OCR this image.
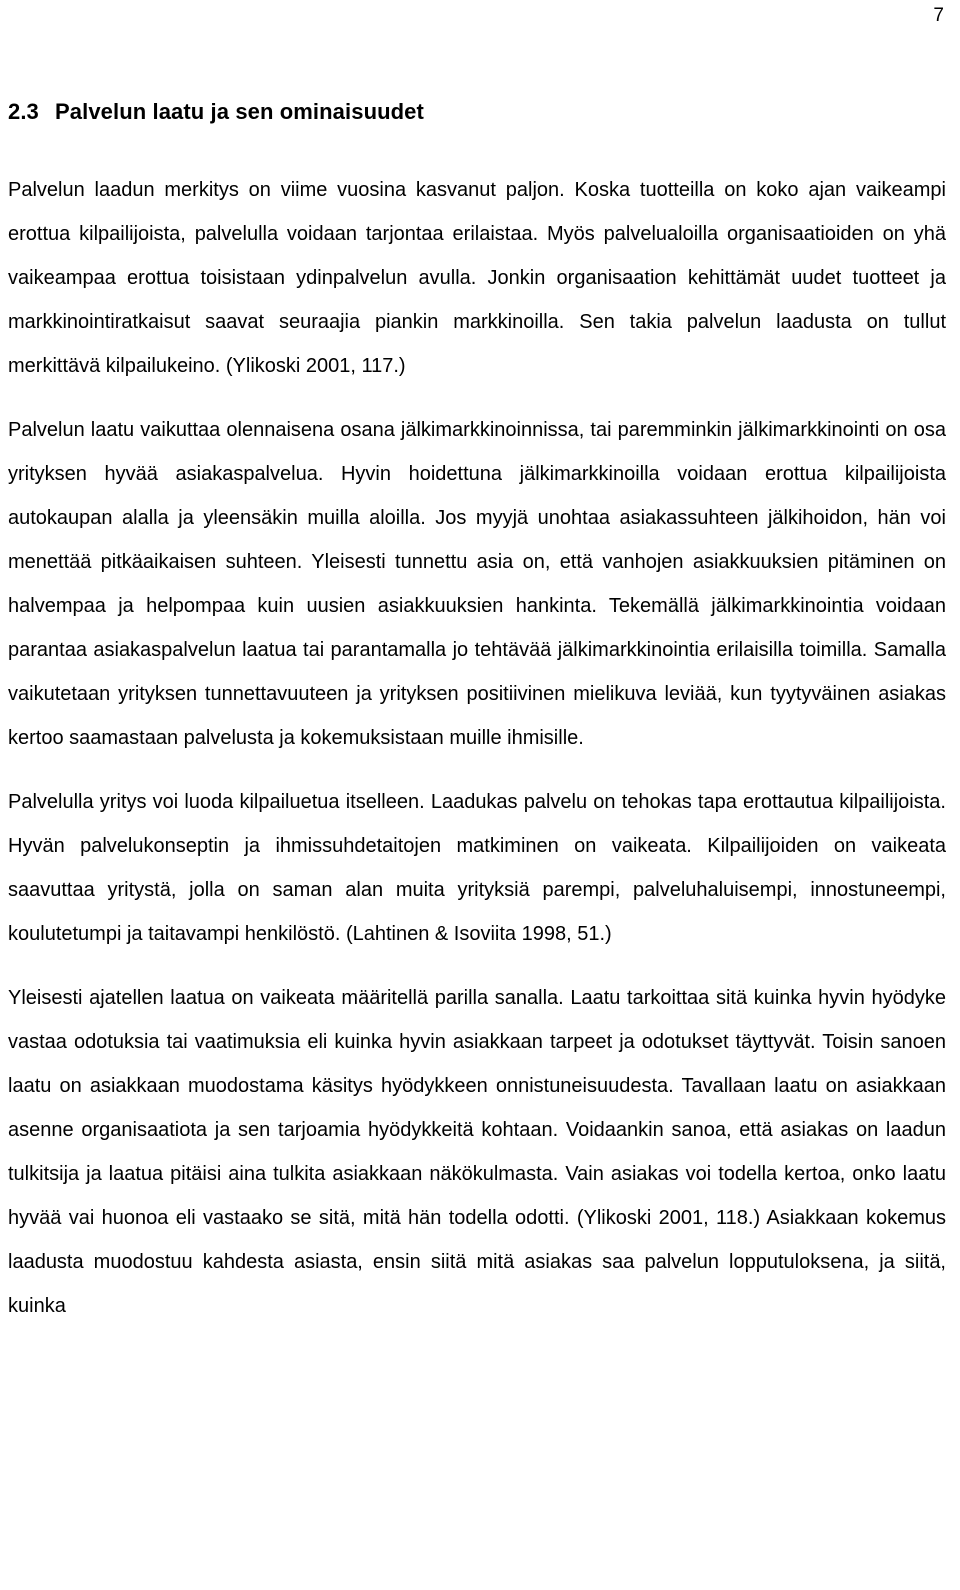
7
2.3 Palvelun laatu ja sen ominaisuudet

Palvelun laadun merkitys on viime vuosina kasvanut paljon. Koska tuotteilla on koko ajan vaikeampi erottua kilpailijoista, palvelulla voidaan tarjontaa erilaistaa. Myös palvelualoilla organisaatioiden on yhä vaikeampaa erottua toisistaan ydinpalvelun avulla. Jonkin organisaation kehittämät uudet tuotteet ja markkinointiratkaisut saavat seuraajia piankin markkinoilla. Sen takia palvelun laadusta on tullut merkittävä kilpailukeino. (Ylikoski 2001, 117.)

Palvelun laatu vaikuttaa olennaisena osana jälkimarkkinoinnissa, tai paremminkin jälkimarkkinointi on osa yrityksen hyvää asiakaspalvelua. Hyvin hoidettuna jälkimarkkinoilla voidaan erottua kilpailijoista autokaupan alalla ja yleensäkin muilla aloilla. Jos myyjä unohtaa asiakassuhteen jälkihoidon, hän voi menettää pitkäaikaisen suhteen. Yleisesti tunnettu asia on, että vanhojen asiakkuuksien pitäminen on halvempaa ja helpompaa kuin uusien asiakkuuksien hankinta. Tekemällä jälkimarkkinointia voidaan parantaa asiakaspalvelun laatua tai parantamalla jo tehtävää jälkimarkkinointia erilaisilla toimilla. Samalla vaikutetaan yrityksen tunnettavuuteen ja yrityksen positiivinen mielikuva leviää, kun tyytyväinen asiakas kertoo saamastaan palvelusta ja kokemuksistaan muille ihmisille.

Palvelulla yritys voi luoda kilpailuetua itselleen. Laadukas palvelu on tehokas tapa erottautua kilpailijoista. Hyvän palvelukonseptin ja ihmissuhdetaitojen matkiminen on vaikeata. Kilpailijoiden on vaikeata saavuttaa yritystä, jolla on saman alan muita yrityksiä parempi, palveluhaluisempi, innostuneempi, koulutetumpi ja taitavampi henkilöstö. (Lahtinen & Isoviita 1998, 51.)

Yleisesti ajatellen laatua on vaikeata määritellä parilla sanalla. Laatu tarkoittaa sitä kuinka hyvin hyödyke vastaa odotuksia tai vaatimuksia eli kuinka hyvin asiakkaan tarpeet ja odotukset täyttyvät. Toisin sanoen laatu on asiakkaan muodostama käsitys hyödykkeen onnistuneisuudesta. Tavallaan laatu on asiakkaan asenne organisaatiota ja sen tarjoamia hyödykkeitä kohtaan. Voidaankin sanoa, että asiakas on laadun tulkitsija ja laatua pitäisi aina tulkita asiakkaan näkökulmasta. Vain asiakas voi todella kertoa, onko laatu hyvää vai huonoa eli vastaako se sitä, mitä hän todella odotti. (Ylikoski 2001, 118.) Asiakkaan kokemus laadusta muodostuu kahdesta asiasta, ensin siitä mitä asiakas saa palvelun lopputuloksena, ja siitä, kuinka
